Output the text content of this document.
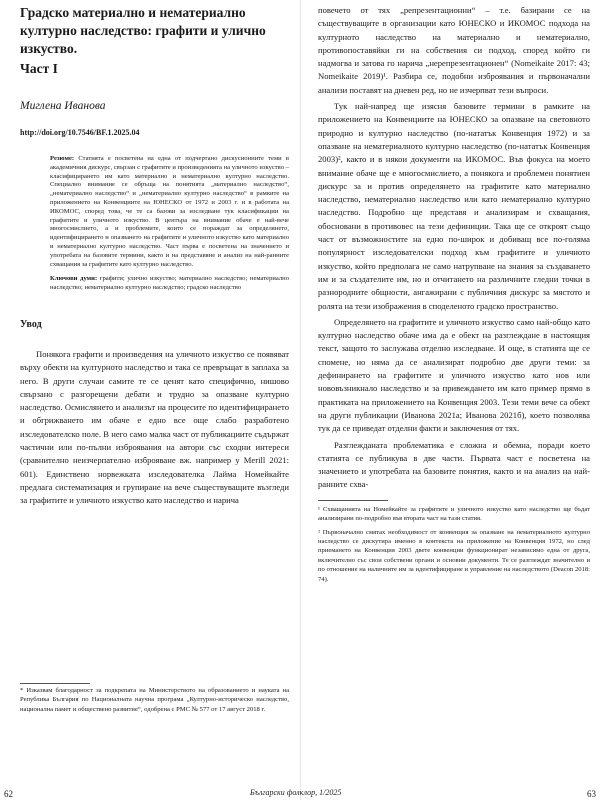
Градско материално и нематериално културно наследство: графити и улично изкуство.
Част I
Миглена Иванова
http://doi.org/10.7546/BF.1.2025.04

Резюме: Статията е посветена на една от подчертано дискусионните теми в академичния дискурс, свързан с графитите и произведенията на уличното изкуство – класифицирането им като материално и нематериално културно наследство. Специално внимание се обръща на понятията „материално наследство“, „нематериално наследство“ и „нематериално културно наследство“ в рамките на приложението на Конвенциите на ЮНЕСКО от 1972 и 2003 г. и в работата на ИКОМОС, според това, че те са базови за изследване тук класификации на графитите и уличното изкуство. В центъра на внимание обаче е най-вече многосмислието, а и проблемите, които се пораждат за определянето, идентифицирането и опазването на графитите и уличното изкуство като материално и нематериално културно наследство. Част първа е посветена на значението и употребата на базовите термини, както и на представяне и анализ на най-ранните схващания за графитите като културно наследство.

Ключови думи: графити; улично изкуство; материално наследство; нематериално наследство; нематериално културно наследство; градско наследство

Увод

Понякога графити и произведения на уличното изкуство се появяват върху обекти на културното наследство и така се превръщат в заплаха за него. В други случаи самите те се ценят като специфично, нишово свързано с разгорещени дебати и трудно за опазване културно наследство. Осмислянето и анализът на процесите по идентифицирането и обгрижването им обаче е едно все още слабо разработено изследователско поле. В него само малка част от публикациите съдържат частични или по-пълни изброявания на автори със сходни интереси (сравнително неизчерпателно изброяване вж. например у Merill 2021: 601). Единствено норвежката изследователка Лайма Номейкайте предлага систематизация и групиране на вече съществуващите възгледи за графитите и уличното изкуство като наследство и нарича

* Изказвам благодарност за подкрепата на Министерството на образованието и науката на Република България по Националната научна програма „Културно-историческо наследство, национална памет и обществено развитие“, одобрена с РМС № 577 от 17 август 2018 г.

повечето от тях „репрезентационни“ – т.е. базирани се на съществуващите в организации като ЮНЕСКО и ИКОМОС подхода на културното наследство на материално и нематериално, противопоставяйки ги на собствения си подход, според който ги надмогва и затова го нарича „нерепрезентационен“ (Nomeikaite 2017: 43; Nomeikaite 2019)¹. Разбира се, подобни изброявания и първоначални анализи поставят на дневен ред, но не изчерпват тези въпроси.

Тук най-напред ще изясня базовите термини в рамките на приложението на Конвенциите на ЮНЕСКО за опазване на световното природно и културно наследство (по-нататък Конвенция 1972) и за опазване на нематериалното културно наследство (по-нататък Конвенция 2003)², както и в някои документи на ИКОМОС. Във фокуса на моето внимание обаче ще е многосмислието, а понякога и проблемен понятиен дискурс за и против определянето на графитите като материално наследство, нематериално наследство или като нематериално културно наследство. Подробно ще представя и анализирам и схващания, обосновани в противовес на тези дефиниции. Така ще се откроят също част от възможностите на едно по-широк и добиващ все по-голяма популярност изследователски подход към графитите и уличното изкуство, който предполага не само натрупване на знания за създаването им и за създателите им, но и отчитането на различните гледни точки в разнородните общности, ангажирани с публичния дискурс за мястото и ролята на тези изображения в споделеното градско пространство.

Определянето на графитите и уличното изкуство само най-общо като културно наследство обаче има да е обект на разглеждане в настоящия текст, защото то заслужава отделно изследване. И още, в статията ще се спомене, но няма да се анализират подробно две други теми: за дефинирането на графитите и уличното изкуство като нов или нововъзникнало наследство и за привеждането им като пример прямо в практиката на приложението на Конвенция 2003. Тези теми вече са обект на други публикации (Иванова 2021а; Иванова 2021б), което позволява тук да се приведат отделни факти и заключения от тях.

Разглежданата проблематика е сложна и обемна, поради което статията се публикува в две части. Първата част е посветена на значението и употребата на базовите понятия, както и на анализ на най-ранните схва-

¹ Схващанията на Номейкайте за графитите и уличното изкуство като наследство ще бъдат анализирани по-подробно във втората част на тази статия.

² Първоначално смятах необходимост от конвенция за опазване на нематериалното културно наследство се дискутира именно в контекста на приложение на Конвенция 1972, но след приемането на Конвенция 2003 двете конвенции функционират независимо една от друга, включително със свои собствени органи и основни документи. Те се разглеждат значително и по отношение на наличните им за идентифициране и управление на наследството (Deacon 2018: 74).

62	Български фолклор, 1/2025	63
